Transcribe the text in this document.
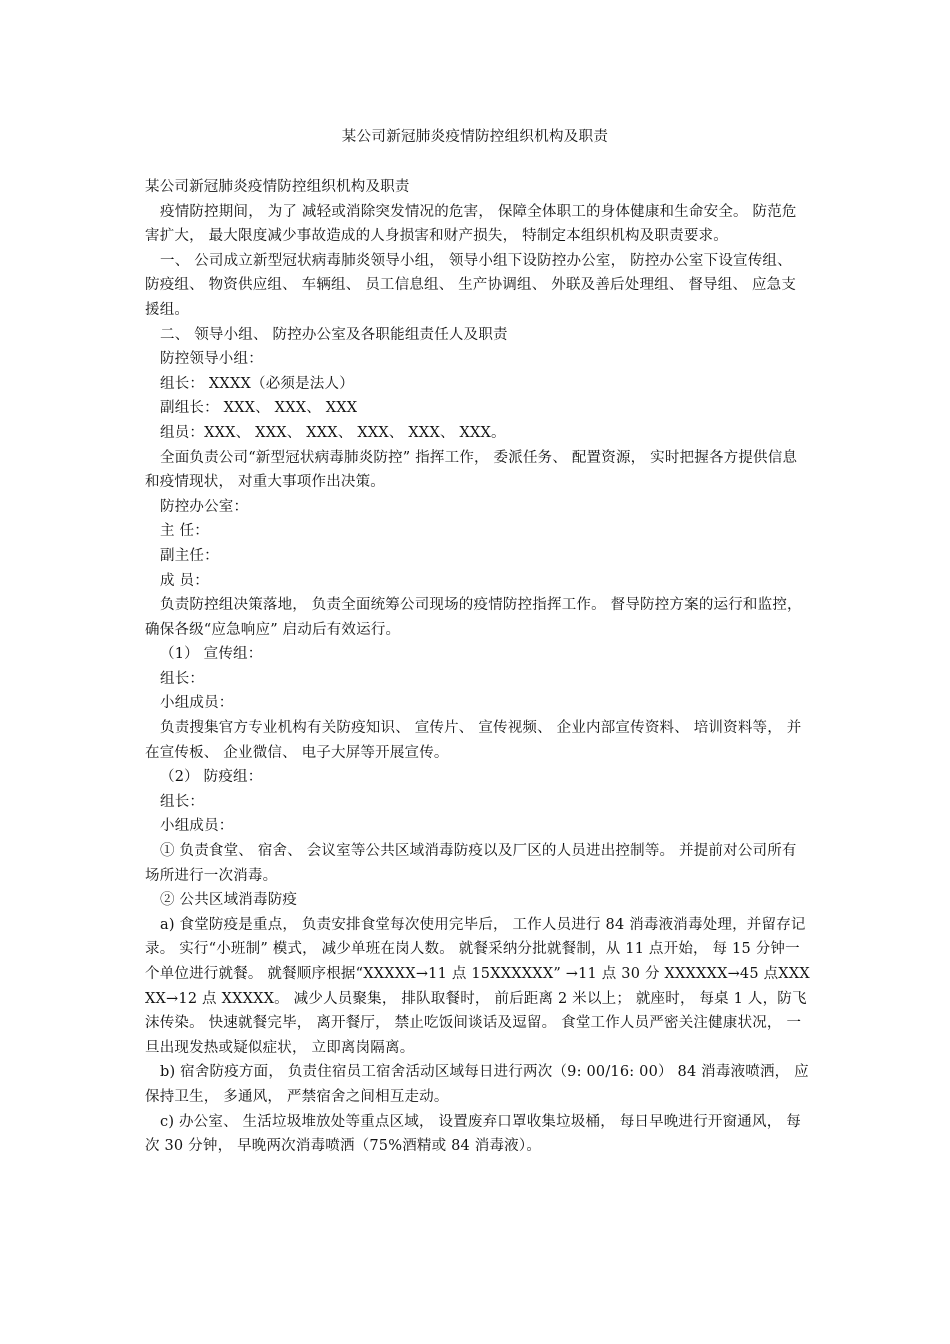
某公司新冠肺炎疫情防控组织机构及职责

某公司新冠肺炎疫情防控组织机构及职责

疫情防控期间， 为了 减轻或消除突发情况的危害， 保障全体职工的身体健康和生命安全。 防范危害扩大， 最大限度减少事故造成的人身损害和财产损失， 特制定本组织机构及职责要求。

一、 公司成立新型冠状病毒肺炎领导小组， 领导小组下设防控办公室， 防控办公室下设宣传组、 防疫组、 物资供应组、 车辆组、 员工信息组、 生产协调组、 外联及善后处理组、 督导组、 应急支援组。

二、 领导小组、 防控办公室及各职能组责任人及职责

防控领导小组：

组长： XXXX（必须是法人）

副组长： XXX、 XXX、 XXX

组员：XXX、 XXX、 XXX、 XXX、 XXX、 XXX。

全面负责公司“新型冠状病毒肺炎防控” 指挥工作， 委派任务、 配置资源， 实时把握各方提供信息和疫情现状， 对重大事项作出决策。

防控办公室：

主 任：

副主任：

成 员：

负责防控组决策落地， 负责全面统筹公司现场的疫情防控指挥工作。 督导防控方案的运行和监控， 确保各级“应急响应” 启动后有效运行。

（1） 宣传组：

组长：

小组成员：

负责搜集官方专业机构有关防疫知识、 宣传片、 宣传视频、 企业内部宣传资料、 培训资料等， 并在宣传板、 企业微信、 电子大屏等开展宣传。

（2） 防疫组：

组长：

小组成员：

① 负责食堂、 宿舍、 会议室等公共区域消毒防疫以及厂区的人员进出控制等。 并提前对公司所有场所进行一次消毒。

② 公共区域消毒防疫

a) 食堂防疫是重点， 负责安排食堂每次使用完毕后， 工作人员进行 84 消毒液消毒处理，并留存记录。 实行“小班制” 模式， 减少单班在岗人数。 就餐采纳分批就餐制，从 11 点开始， 每 15 分钟一个单位进行就餐。 就餐顺序根据“XXXXX→11 点 15XXXXXX” →11 点 30 分 XXXXXX→45 点XXXXX→12 点 XXXXX。 减少人员聚集， 排队取餐时， 前后距离 2 米以上； 就座时， 每桌 1 人，防飞沫传染。 快速就餐完毕， 离开餐厅， 禁止吃饭间谈话及逗留。 食堂工作人员严密关注健康状况， 一旦出现发热或疑似症状， 立即离岗隔离。

b) 宿舍防疫方面， 负责住宿员工宿舍活动区域每日进行两次（9: 00/16: 00） 84 消毒液喷洒， 应保持卫生， 多通风， 严禁宿舍之间相互走动。

c) 办公室、 生活垃圾堆放处等重点区域， 设置废弃口罩收集垃圾桶， 每日早晚进行开窗通风， 每次 30 分钟， 早晚两次消毒喷洒（75%酒精或 84 消毒液）。
